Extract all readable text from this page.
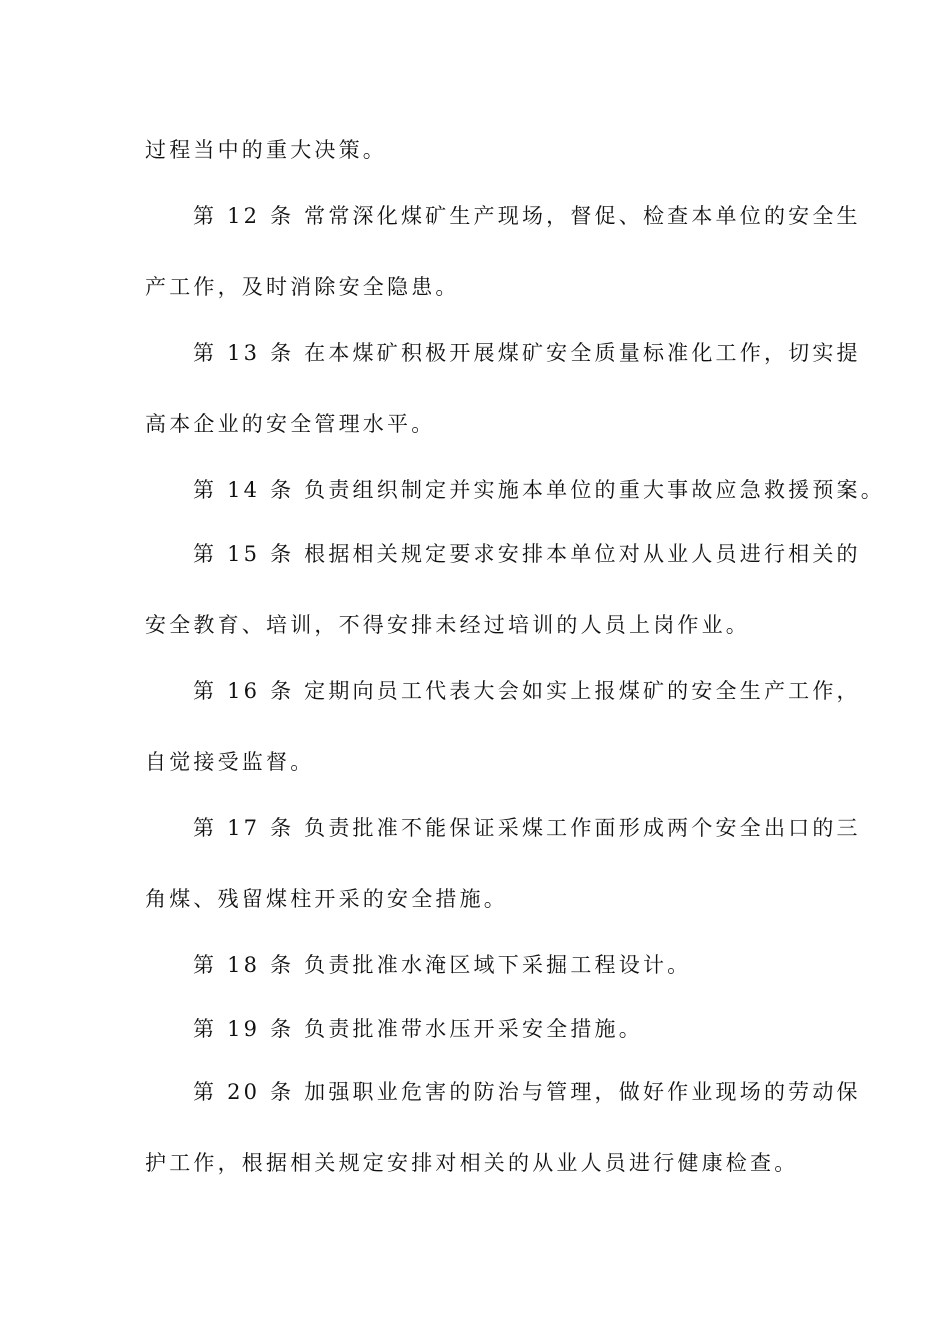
过程当中的重大决策。
第 12 条 常常深化煤矿生产现场，督促、检查本单位的安全生
产工作，及时消除安全隐患。
第 13 条 在本煤矿积极开展煤矿安全质量标准化工作，切实提
高本企业的安全管理水平。
第 14 条 负责组织制定并实施本单位的重大事故应急救援预案。
第 15 条 根据相关规定要求安排本单位对从业人员进行相关的
安全教育、培训，不得安排未经过培训的人员上岗作业。
第 16 条 定期向员工代表大会如实上报煤矿的安全生产工作，
自觉接受监督。
第 17 条 负责批准不能保证采煤工作面形成两个安全出口的三
角煤、残留煤柱开采的安全措施。
第 18 条 负责批准水淹区域下采掘工程设计。
第 19 条 负责批准带水压开采安全措施。
第 20 条 加强职业危害的防治与管理，做好作业现场的劳动保
护工作，根据相关规定安排对相关的从业人员进行健康检查。
